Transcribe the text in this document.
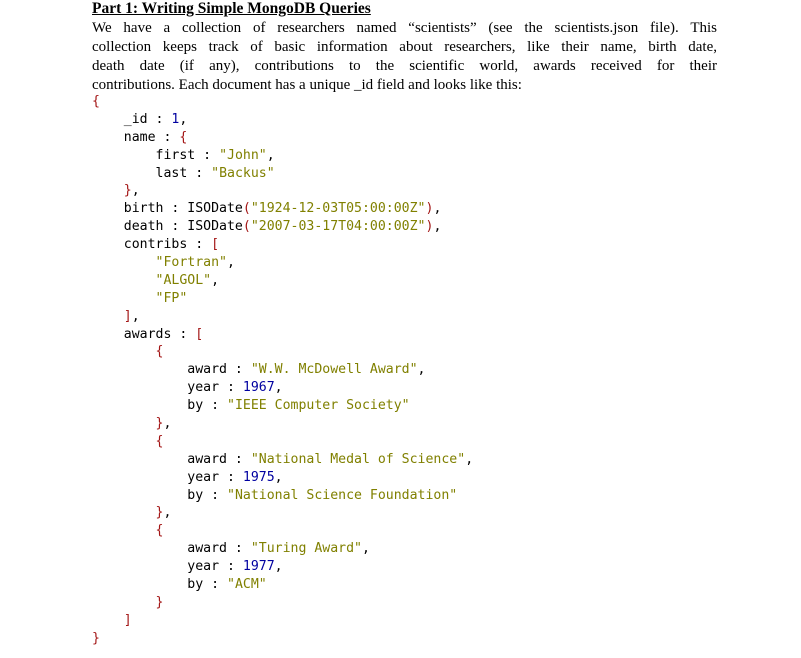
Part 1: Writing Simple MongoDB Queries
We have a collection of researchers named “scientists” (see the scientists.json file). This
collection keeps track of basic information about researchers, like their name, birth date,
death date (if any), contributions to the scientific world, awards received for their
contributions. Each document has a unique _id field and looks like this:
{
_id : 1,
name : {
first : "John",
last : "Backus"
},
birth : ISODate("1924-12-03T05:00:00Z"),
death : ISODate("2007-03-17T04:00:00Z"),
contribs : [
"Fortran",
"ALGOL",
"FP"
],
awards : [
{
award : "W.W. McDowell Award",
year : 1967,
by : "IEEE Computer Society"
},
{
award : "National Medal of Science",
year : 1975,
by : "National Science Foundation"
},
{
award : "Turing Award",
year : 1977,
by : "ACM"
}
]
}
